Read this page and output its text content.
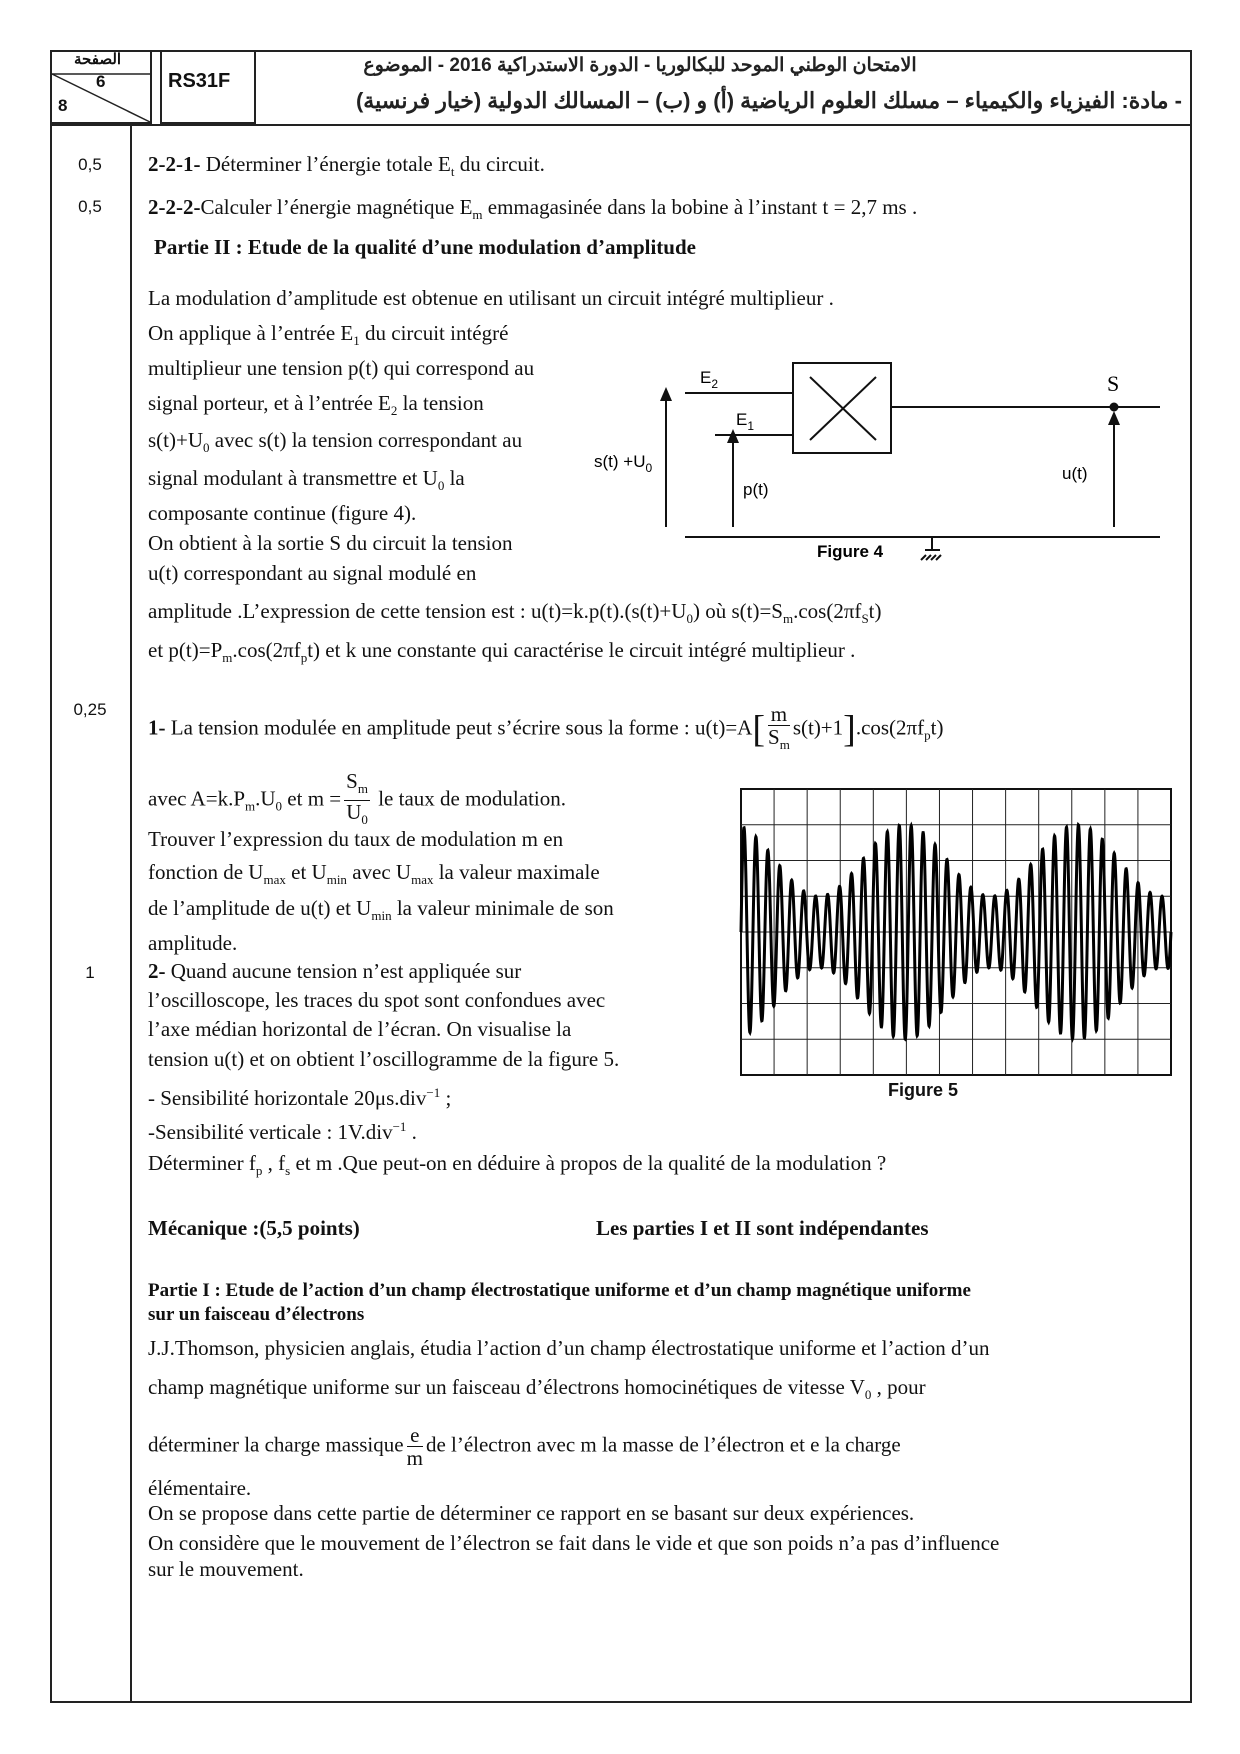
الصفحة
6
8
RS31F
الامتحان الوطني الموحد للبكالوريا - الدورة الاستدراكية 2016 - الموضوع
- مادة: الفيزياء والكيمياء – مسلك العلوم الرياضية (أ) و (ب) – المسالك الدولية (خيار فرنسية)
0,5
0,5
0,25
1
2-2-1- Déterminer l’énergie totale $E_t$ du circuit.
2-2-2-Calculer l’énergie magnétique $E_m$ emmagasinée dans la bobine à l’instant t = 2,7 ms .
Partie II : Etude de la qualité d’une modulation d’amplitude
La modulation d’amplitude est obtenue en utilisant un circuit intégré multiplieur .
On applique à l’entrée $E_1$ du circuit intégré
multiplieur une tension p(t) qui correspond au
signal porteur, et à l’entrée $E_2$ la tension
$s(t)+U_0$ avec s(t) la tension correspondant au
signal modulant à transmettre et $U_0$ la
composante continue (figure 4).
On obtient à la sortie S du circuit la tension
u(t) correspondant au signal modulé en
amplitude .L’expression de cette tension est : $u(t)=k.p(t).(s(t)+U_0)$ où $s(t)=S_m.\cos(2\pi f_St)$
et $p(t)=P_m.\cos(2\pi f_pt)$ et k une constante qui caractérise le circuit intégré multiplieur .
$E_2$
$E_1$
S
$s(t) +U_0$
p(t)
u(t)
Figure 4
1- La tension modulée en amplitude peut s’écrire sous la forme : $u(t)=A[ \frac{m}{S_m} s(t)+1].\cos(2\pi f_pt)$
avec $A=k.P_m.U_0$ et $m = \frac{S_m}{U_0}$ le taux de modulation.
Trouver l’expression du taux de modulation m en
fonction de $U_{max}$ et $U_{min}$ avec $U_{max}$ la valeur maximale
de l’amplitude de u(t) et $U_{min}$ la valeur minimale de son
amplitude.
2- Quand aucune tension n’est appliquée sur
l’oscilloscope, les traces du spot sont confondues avec
l’axe médian horizontal de l’écran. On visualise la
tension u(t) et on obtient l’oscillogramme de la figure 5.
- Sensibilité horizontale 20μs.div$^{-1}$ ;
-Sensibilité verticale : 1V.div$^{-1}$ .
Déterminer $f_p$ , $f_s$ et m .Que peut-on en déduire à propos de la qualité de la modulation ?
Figure 5
Mécanique :(5,5 points)	Les parties I et II sont indépendantes
Partie I : Etude de l’action d’un champ électrostatique uniforme et d’un champ magnétique uniforme
sur un faisceau d’électrons
J.J.Thomson, physicien anglais, étudia l’action d’un champ électrostatique uniforme et l’action d’un
champ magnétique uniforme sur un faisceau d’électrons homocinétiques de vitesse $V_0$ , pour
déterminer la charge massique $\frac{e}{m}$ de l’électron avec m la masse de l’électron et e la charge
élémentaire.
On se propose dans cette partie de déterminer ce rapport en se basant sur deux expériences.
On considère que le mouvement de l’électron se fait dans le vide et que son poids n’a pas d’influence
sur le mouvement.
